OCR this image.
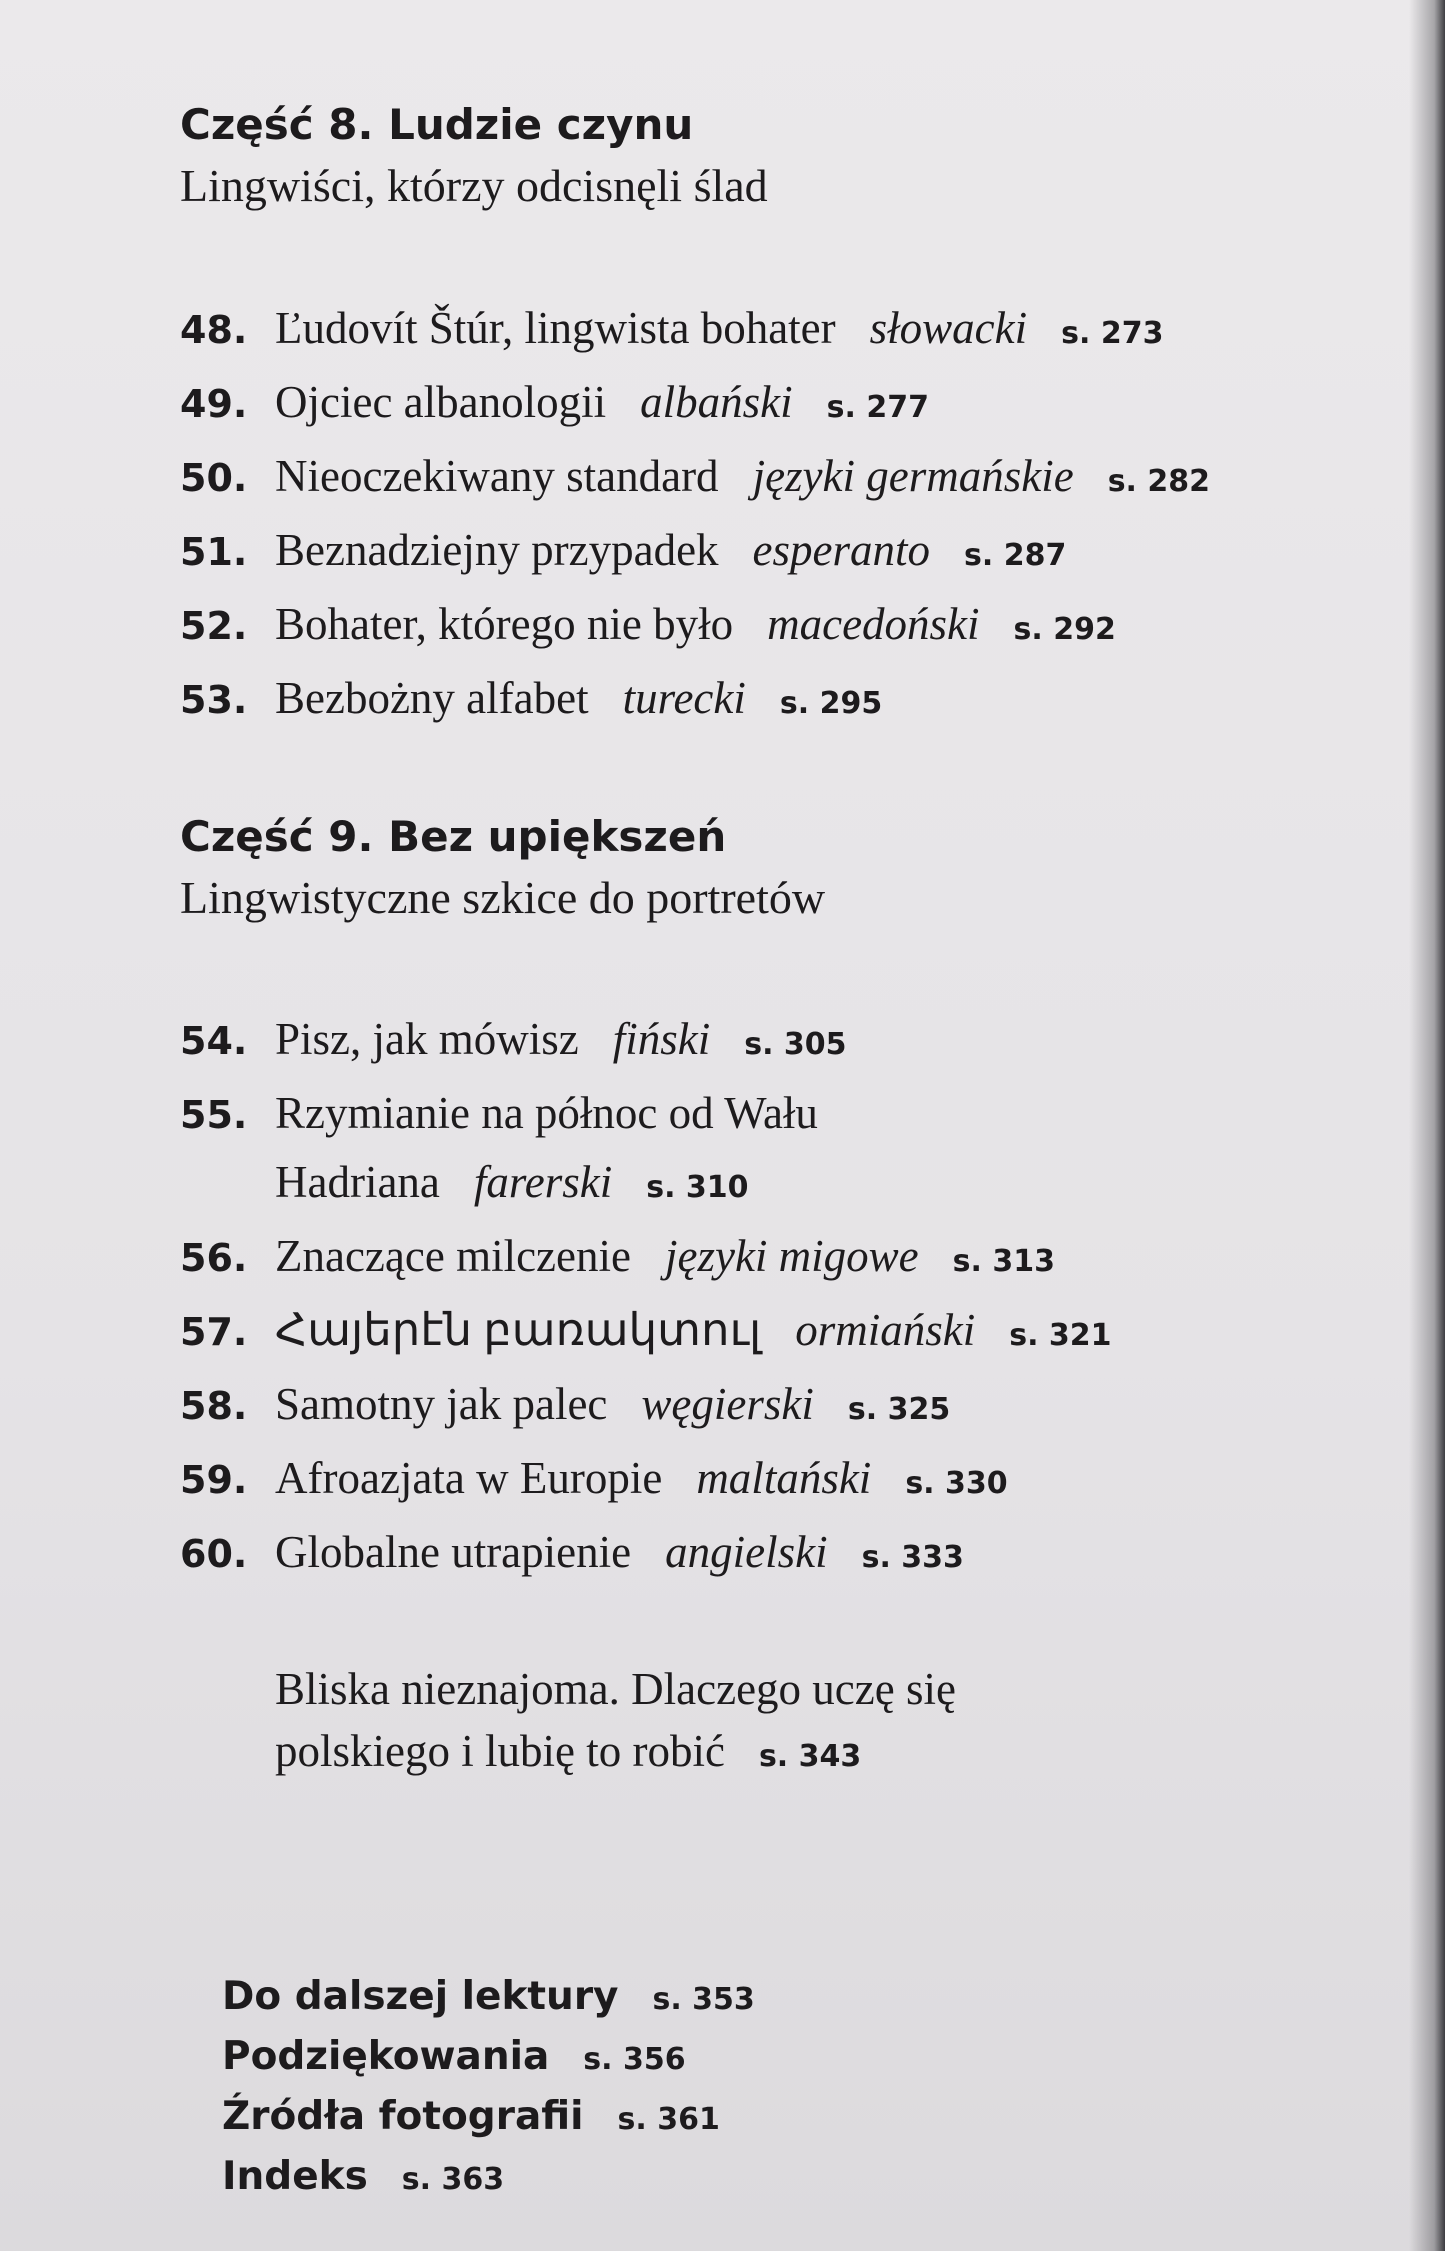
Część 8. Ludzie czynu

Lingwiści, którzy odcisnęli ślad

48. Ľudovít Štúr, lingwista bohater słowacki s. 273
49. Ojciec albanologii albański s. 277
50. Nieoczekiwany standard języki germańskie s. 282
51. Beznadziejny przypadek esperanto s. 287
52. Bohater, którego nie było macedoński s. 292
53. Bezbożny alfabet turecki s. 295
Część 9. Bez upiększeń

Lingwistyczne szkice do portretów

54. Pisz, jak mówisz fiński s. 305
55. Rzymianie na północ od Wału
Hadriana farerski s. 310
56. Znaczące milczenie języki migowe s. 313
57. Հայերէն բառակտուլ ormiański s. 321
58. Samotny jak palec węgierski s. 325
59. Afroazjata w Europie maltański s. 330
60. Globalne utrapienie angielski s. 333
Bliska nieznajoma. Dlaczego uczę się
polskiego i lubię to robić s. 343
Do dalszej lektury s. 353
Podziękowania s. 356
Źródła fotografii s. 361
Indeks s. 363
